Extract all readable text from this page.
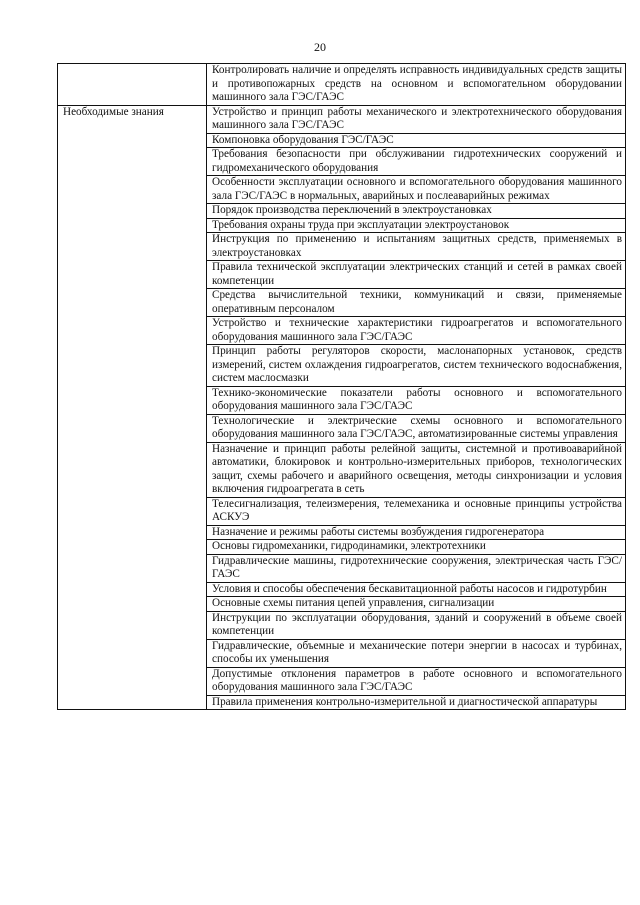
20
	Контролировать наличие и определять исправность индивидуальных средств защиты и противопожарных средств на основном и вспомогательном оборудовании машинного зала ГЭС/ГАЭС
Необходимые знания	Устройство и принцип работы механического и электротехнического оборудования машинного зала ГЭС/ГАЭС
	Компоновка оборудования ГЭС/ГАЭС
	Требования безопасности при обслуживании гидротехнических сооружений и гидромеханического оборудования
	Особенности эксплуатации основного и вспомогательного оборудования машинного зала ГЭС/ГАЭС в нормальных, аварийных и послеаварийных режимах
	Порядок производства переключений в электроустановках
	Требования охраны труда при эксплуатации электроустановок
	Инструкция по применению и испытаниям защитных средств, применяемых в электроустановках
	Правила технической эксплуатации электрических станций и сетей в рамках своей компетенции
	Средства вычислительной техники, коммуникаций и связи, применяемые оперативным персоналом
	Устройство и технические характеристики гидроагрегатов и вспомогательного оборудования машинного зала ГЭС/ГАЭС
	Принцип работы регуляторов скорости, маслонапорных установок, средств измерений, систем охлаждения гидроагрегатов, систем технического водоснабжения, систем маслосмазки
	Технико-экономические показатели работы основного и вспомогательного оборудования машинного зала ГЭС/ГАЭС
	Технологические и электрические схемы основного и вспомогательного оборудования машинного зала ГЭС/ГАЭС, автоматизированные системы управления
	Назначение и принцип работы релейной защиты, системной и противоаварийной автоматики, блокировок и контрольно-измерительных приборов, технологических защит, схемы рабочего и аварийного освещения, методы синхронизации и условия включения гидроагрегата в сеть
	Телесигнализация, телеизмерения, телемеханика и основные принципы устройства АСКУЭ
	Назначение и режимы работы системы возбуждения гидрогенератора
	Основы гидромеханики, гидродинамики, электротехники
	Гидравлические машины, гидротехнические сооружения, электрическая часть ГЭС/ГАЭС
	Условия и способы обеспечения бескавитационной работы насосов и гидротурбин
	Основные схемы питания цепей управления, сигнализации
	Инструкции по эксплуатации оборудования, зданий и сооружений в объеме своей компетенции
	Гидравлические, объемные и механические потери энергии в насосах и турбинах, способы их уменьшения
	Допустимые отклонения параметров в работе основного и вспомогательного оборудования машинного зала ГЭС/ГАЭС
	Правила применения контрольно-измерительной и диагностической аппаратуры
